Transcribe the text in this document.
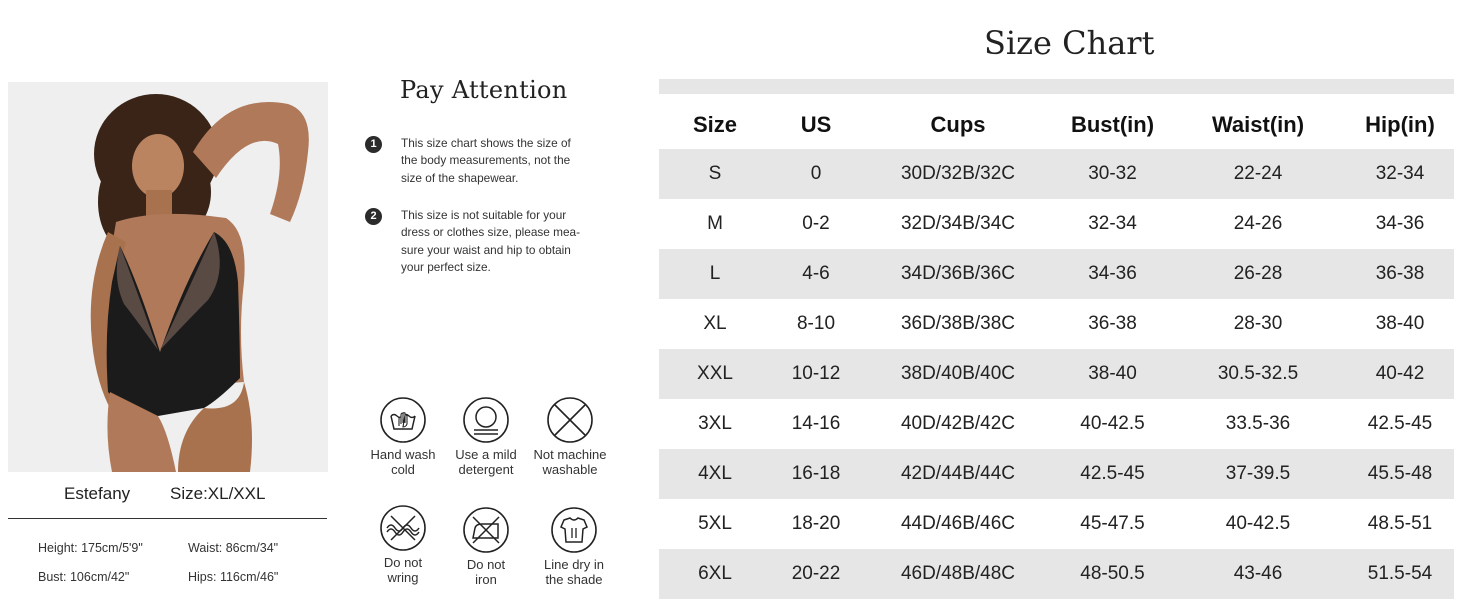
Estefany Size:XL/XXL
Height: 175cm/5'9"	Waist: 86cm/34"
Bust: 106cm/42"	Hips: 116cm/46"
Pay Attention
1	This size chart shows the size of
the body measurements, not the
size of the shapewear.
2	This size is not suitable for your
dress or clothes size, please mea-
sure your waist and hip to obtain
your perfect size.
Hand wash
cold
Use a mild
detergent
Not machine
washable
Do not
wring
Do not
iron
Line dry in
the shade
Size Chart
Size	US	Cups	Bust(in)	Waist(in)	Hip(in)
S	0	30D/32B/32C	30-32	22-24	32-34
M	0-2	32D/34B/34C	32-34	24-26	34-36
L	4-6	34D/36B/36C	34-36	26-28	36-38
XL	8-10	36D/38B/38C	36-38	28-30	38-40
XXL	10-12	38D/40B/40C	38-40	30.5-32.5	40-42
3XL	14-16	40D/42B/42C	40-42.5	33.5-36	42.5-45
4XL	16-18	42D/44B/44C	42.5-45	37-39.5	45.5-48
5XL	18-20	44D/46B/46C	45-47.5	40-42.5	48.5-51
6XL	20-22	46D/48B/48C	48-50.5	43-46	51.5-54
